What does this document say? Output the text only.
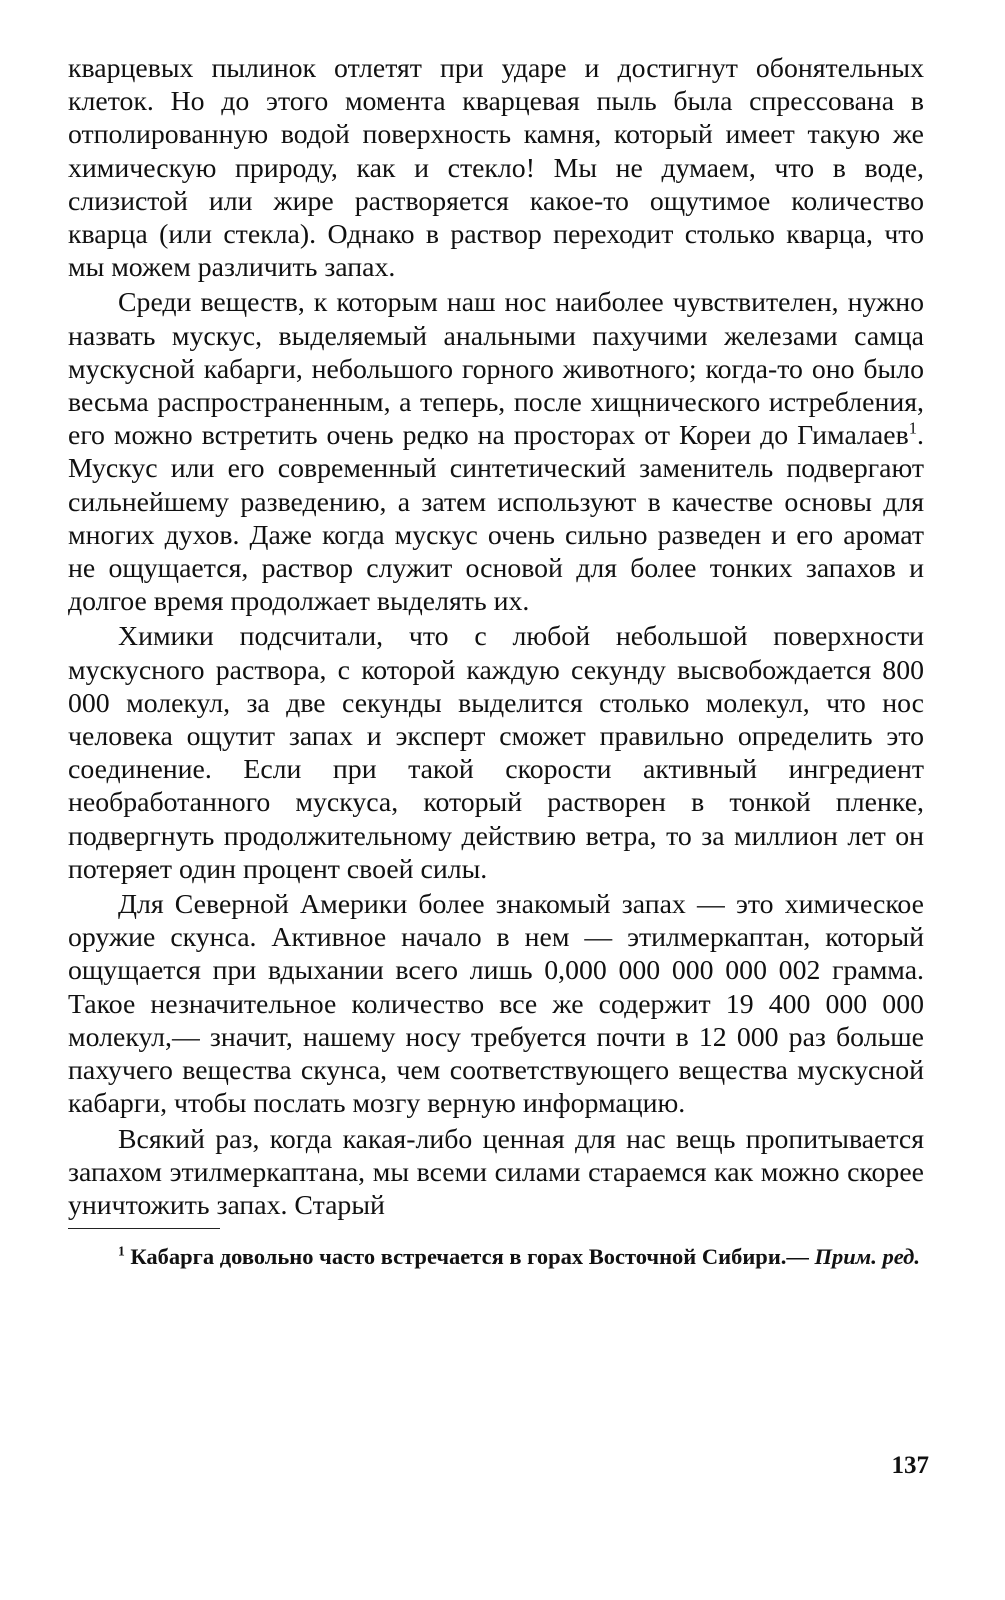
кварцевых пылинок отлетят при ударе и достигнут обонятельных клеток. Но до этого момента кварцевая пыль была спрессована в отполированную водой поверхность камня, который имеет такую же химическую природу, как и стекло! Мы не думаем, что в воде, слизистой или жире растворяется какое-то ощутимое количество кварца (или стекла). Однако в раствор переходит столько кварца, что мы можем различить запах.

Среди веществ, к которым наш нос наиболее чувствителен, нужно назвать мускус, выделяемый анальными пахучими железами самца мускусной кабарги, небольшого горного животного; когда-то оно было весьма распространенным, а теперь, после хищнического истребления, его можно встретить очень редко на просторах от Кореи до Гималаев$^1$. Мускус или его современный синтетический заменитель подвергают сильнейшему разведению, а затем используют в качестве основы для многих духов. Даже когда мускус очень сильно разведен и его аромат не ощущается, раствор служит основой для более тонких запахов и долгое время продолжает выделять их.

Химики подсчитали, что с любой небольшой поверхности мускусного раствора, с которой каждую секунду высвобождается 800 000 молекул, за две секунды выделится столько молекул, что нос человека ощутит запах и эксперт сможет правильно определить это соединение. Если при такой скорости активный ингредиент необработанного мускуса, который растворен в тонкой пленке, подвергнуть продолжительному действию ветра, то за миллион лет он потеряет один процент своей силы.

Для Северной Америки более знакомый запах — это химическое оружие скунса. Активное начало в нем — этилмеркаптан, который ощущается при вдыхании всего лишь 0,000 000 000 000 002 грамма. Такое незначительное количество все же содержит 19 400 000 000 молекул,— значит, нашему носу требуется почти в 12 000 раз больше пахучего вещества скунса, чем соответствующего вещества мускусной кабарги, чтобы послать мозгу верную информацию.

Всякий раз, когда какая-либо ценная для нас вещь пропитывается запахом этилмеркаптана, мы всеми силами стараемся как можно скорее уничтожить запах. Старый

$^1$ Кабарга довольно часто встречается в горах Восточной Сибири.— Прим. ред.

137
